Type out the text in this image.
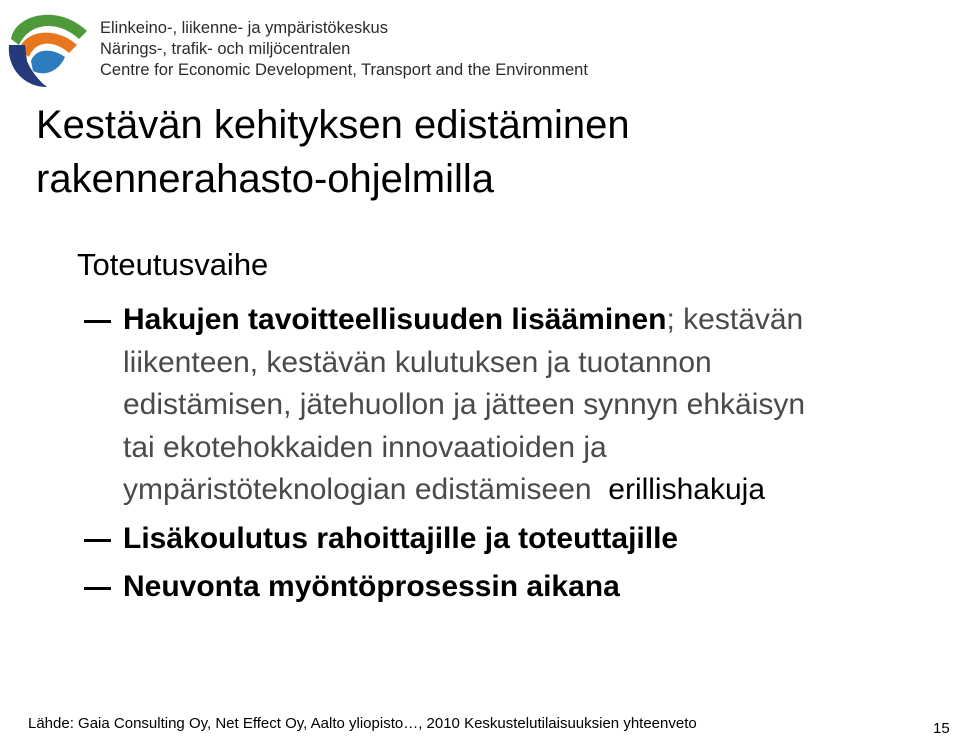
Elinkeino-, liikenne- ja ympäristökeskus
Närings-, trafik- och miljöcentralen
Centre for Economic Development, Transport and the Environment
Kestävän kehityksen edistäminen
rakennerahasto-ohjelmilla
Toteutusvaihe
Hakujen tavoitteellisuuden lisääminen; kestävän
liikenteen, kestävän kulutuksen ja tuotannon
edistämisen, jätehuollon ja jätteen synnyn ehkäisyn
tai ekotehokkaiden innovaatioiden ja
ympäristöteknologian edistämiseen erillishakuja
Lisäkoulutus rahoittajille ja toteuttajille
Neuvonta myöntöprosessin aikana
Lähde: Gaia Consulting Oy, Net Effect Oy, Aalto yliopisto…, 2010 Keskustelutilaisuuksien yhteenveto	15
